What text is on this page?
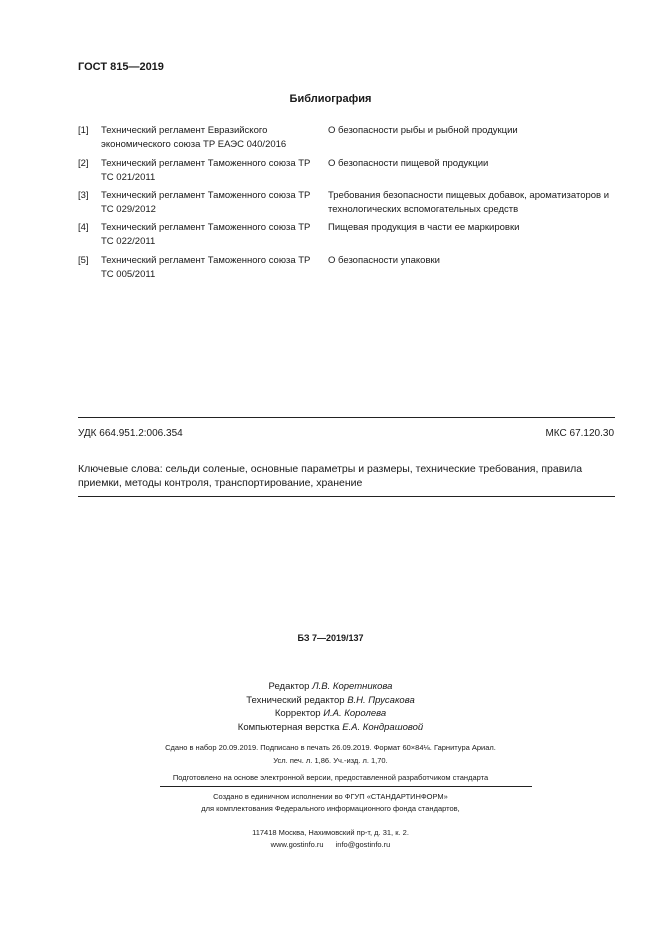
ГОСТ 815—2019
Библиография
[1] Технический регламент Евразийского экономического союза ТР ЕАЭС 040/2016
О безопасности рыбы и рыбной продукции
[2] Технический регламент Таможенного союза ТР ТС 021/2011
О безопасности пищевой продукции
[3] Технический регламент Таможенного союза ТР ТС 029/2012
Требования безопасности пищевых добавок, ароматизаторов и технологических вспомогательных средств
[4] Технический регламент Таможенного союза ТР ТС 022/2011
Пищевая продукция в части ее маркировки
[5] Технический регламент Таможенного союза ТР ТС 005/2011
О безопасности упаковки
УДК 664.951.2:006.354	МКС 67.120.30
Ключевые слова: сельди соленые, основные параметры и размеры, технические требования, правила приемки, методы контроля, транспортирование, хранение
БЗ 7—2019/137
Редактор Л.В. Коретникова
Технический редактор В.Н. Прусакова
Корректор И.А. Королева
Компьютерная верстка Е.А. Кондрашовой
Сдано в набор 20.09.2019. Подписано в печать 26.09.2019. Формат 60×84⅛. Гарнитура Ариал.
Усл. печ. л. 1,86. Уч.-изд. л. 1,70.
Подготовлено на основе электронной версии, предоставленной разработчиком стандарта
Создано в единичном исполнении во ФГУП «СТАНДАРТИНФОРМ»
для комплектования Федерального информационного фонда стандартов,
117418 Москва, Нахимовский пр-т, д. 31, к. 2.
www.gostinfo.ru info@gostinfo.ru
